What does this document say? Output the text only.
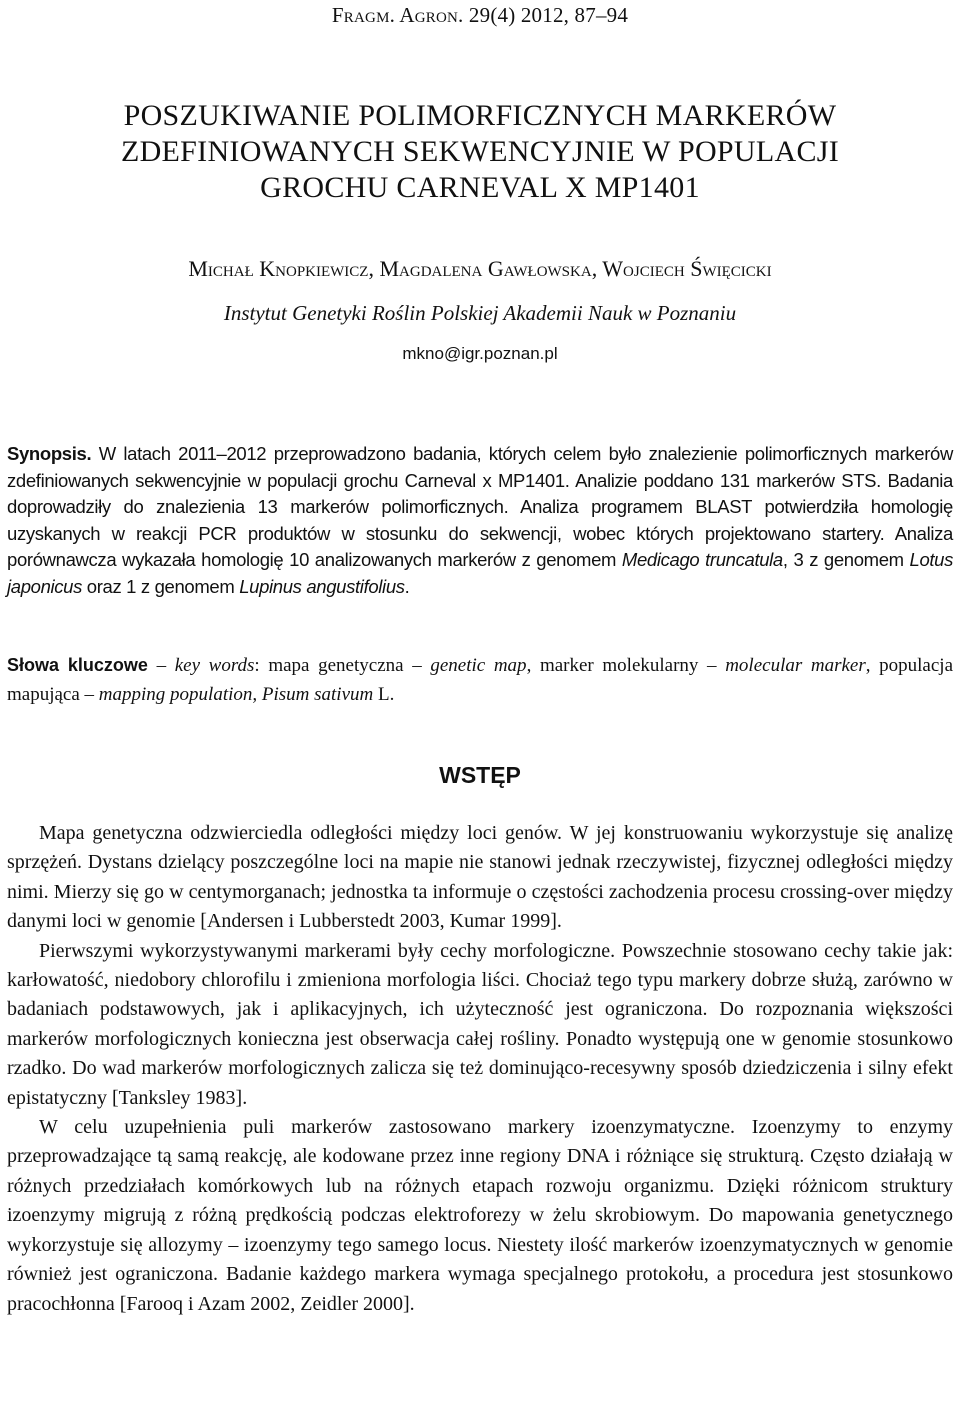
Fragm. Agron. 29(4) 2012, 87–94
POSZUKIWANIE POLIMORFICZNYCH MARKERÓW
ZDEFINIOWANYCH SEKWENCYJNIE W POPULACJI
GROCHU CARNEVAL X MP1401
Michał Knopkiewicz, Magdalena Gawłowska, Wojciech Święcicki
Instytut Genetyki Roślin Polskiej Akademii Nauk w Poznaniu
mkno@igr.poznan.pl
Synopsis. W latach 2011–2012 przeprowadzono badania, których celem było znalezienie polimorficznych markerów zdefiniowanych sekwencyjnie w populacji grochu Carneval x MP1401. Analizie poddano 131 markerów STS. Badania doprowadziły do znalezienia 13 markerów polimorficznych. Analiza programem BLAST potwierdziła homologię uzyskanych w reakcji PCR produktów w stosunku do sekwencji, wobec których projektowano startery. Analiza porównawcza wykazała homologię 10 analizowanych markerów z genomem Medicago truncatula, 3 z genomem Lotus japonicus oraz 1 z genomem Lupinus angustifolius.
Słowa kluczowe – key words: mapa genetyczna – genetic map, marker molekularny – molecular marker, populacja mapująca – mapping population, Pisum sativum L.
WSTĘP

Mapa genetyczna odzwierciedla odległości między loci genów. W jej konstruowaniu wykorzystuje się analizę sprzężeń. Dystans dzielący poszczególne loci na mapie nie stanowi jednak rzeczywistej, fizycznej odległości między nimi. Mierzy się go w centymorganach; jednostka ta informuje o częstości zachodzenia procesu crossing-over między danymi loci w genomie [Andersen i Lubberstedt 2003, Kumar 1999].

Pierwszymi wykorzystywanymi markerami były cechy morfologiczne. Powszechnie stosowano cechy takie jak: karłowatość, niedobory chlorofilu i zmieniona morfologia liści. Chociaż tego typu markery dobrze służą, zarówno w badaniach podstawowych, jak i aplikacyjnych, ich użyteczność jest ograniczona. Do rozpoznania większości markerów morfologicznych konieczna jest obserwacja całej rośliny. Ponadto występują one w genomie stosunkowo rzadko. Do wad markerów morfologicznych zalicza się też dominująco-recesywny sposób dziedziczenia i silny efekt epistatyczny [Tanksley 1983].

W celu uzupełnienia puli markerów zastosowano markery izoenzymatyczne. Izoenzymy to enzymy przeprowadzające tą samą reakcję, ale kodowane przez inne regiony DNA i różniące się strukturą. Często działają w różnych przedziałach komórkowych lub na różnych etapach rozwoju organizmu. Dzięki różnicom struktury izoenzymy migrują z różną prędkością podczas elektroforezy w żelu skrobiowym. Do mapowania genetycznego wykorzystuje się allozymy – izoenzymy tego samego locus. Niestety ilość markerów izoenzymatycznych w genomie również jest ograniczona. Badanie każdego markera wymaga specjalnego protokołu, a procedura jest stosunkowo pracochłonna [Farooq i Azam 2002, Zeidler 2000].
